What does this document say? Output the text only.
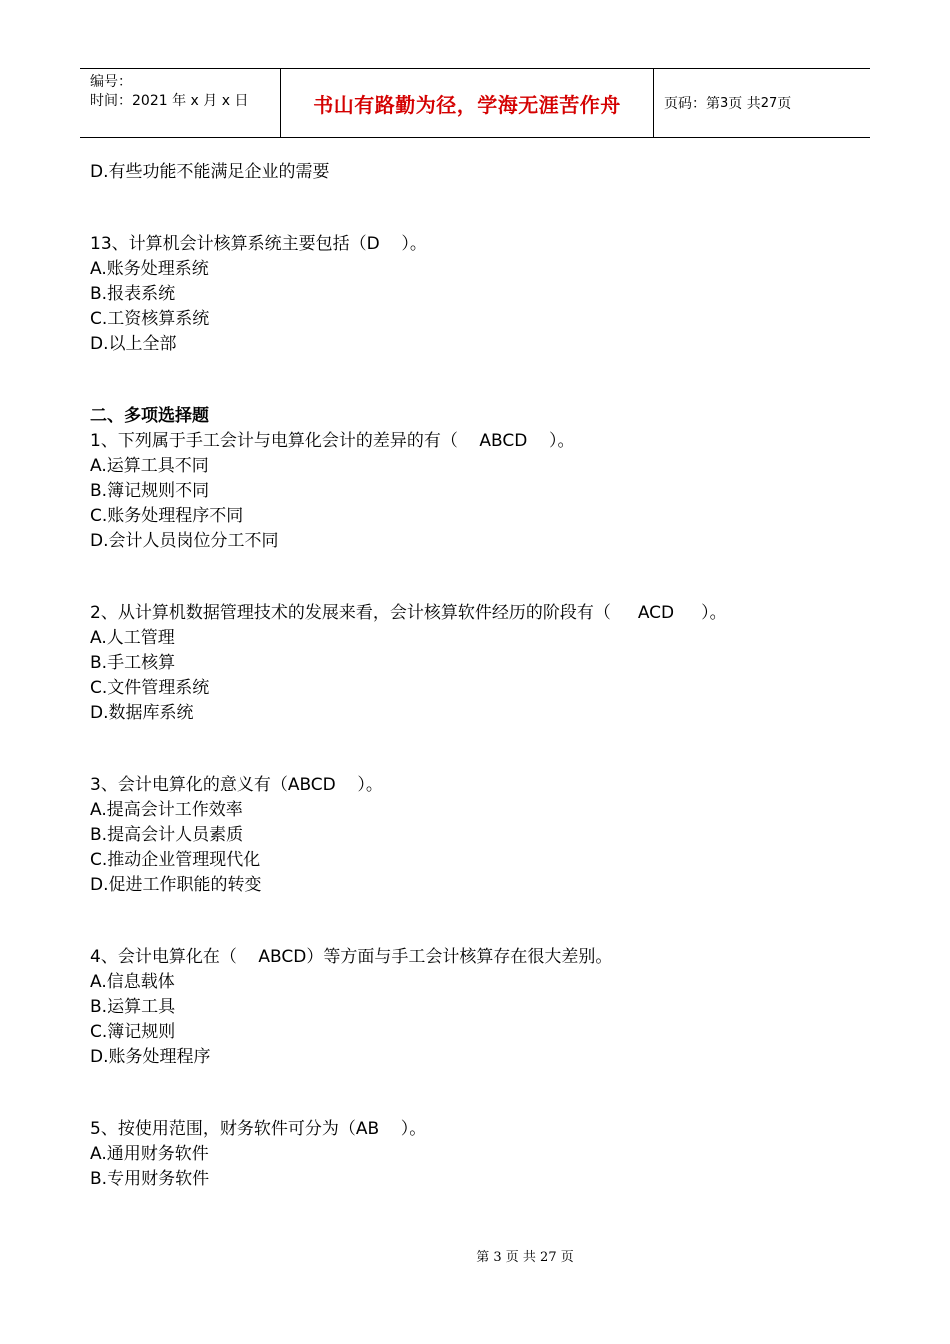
编号：
时间：2021 年 x 月 x 日	书山有路勤为径，学海无涯苦作舟	页码：第 3 页 共 27 页
D.有些功能不能满足企业的需要
13、计算机会计核算系统主要包括（D    ）。
A.账务处理系统
B.报表系统
C.工资核算系统
D.以上全部
二、多项选择题
1、下列属于手工会计与电算化会计的差异的有（    ABCD    ）。
A.运算工具不同
B.簿记规则不同
C.账务处理程序不同
D.会计人员岗位分工不同
2、从计算机数据管理技术的发展来看，会计核算软件经历的阶段有（     ACD     ）。
A.人工管理
B.手工核算
C.文件管理系统
D.数据库系统
3、会计电算化的意义有（ABCD    ）。
A.提高会计工作效率
B.提高会计人员素质
C.推动企业管理现代化
D.促进工作职能的转变
4、会计电算化在（    ABCD）等方面与手工会计核算存在很大差别。
A.信息载体
B.运算工具
C.簿记规则
D.账务处理程序
5、按使用范围，财务软件可分为（AB    ）。
A.通用财务软件
B.专用财务软件
第 3 页 共 27 页
